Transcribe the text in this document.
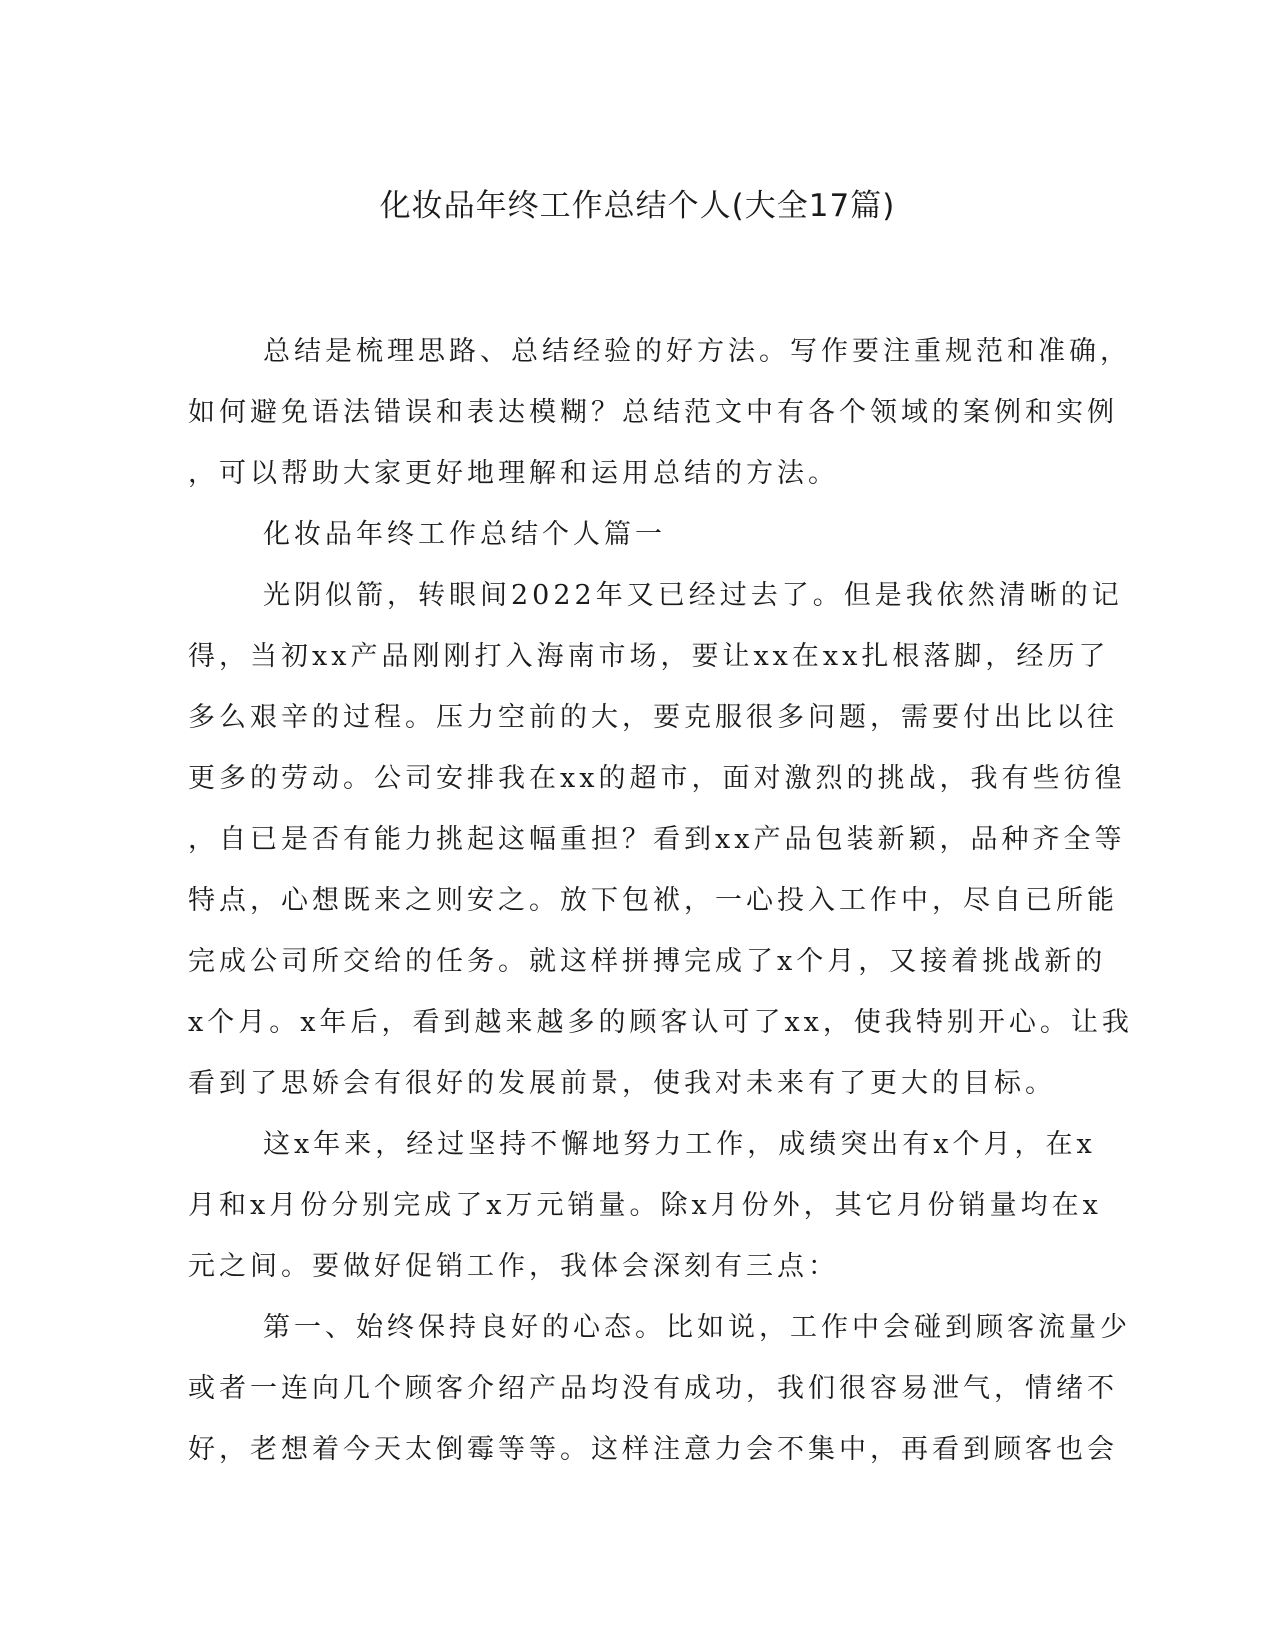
化妆品年终工作总结个人(大全17篇)

总结是梳理思路、总结经验的好方法。写作要注重规范和准确，
如何避免语法错误和表达模糊？总结范文中有各个领域的案例和实例
，可以帮助大家更好地理解和运用总结的方法。

化妆品年终工作总结个人篇一

光阴似箭，转眼间2022年又已经过去了。但是我依然清晰的记
得，当初xx产品刚刚打入海南市场，要让xx在xx扎根落脚，经历了
多么艰辛的过程。压力空前的大，要克服很多问题，需要付出比以往
更多的劳动。公司安排我在xx的超市，面对激烈的挑战，我有些彷徨
，自已是否有能力挑起这幅重担？看到xx产品包装新颖，品种齐全等
特点，心想既来之则安之。放下包袱，一心投入工作中，尽自已所能
完成公司所交给的任务。就这样拼搏完成了x个月，又接着挑战新的
x个月。x年后，看到越来越多的顾客认可了xx，使我特别开心。让我
看到了思娇会有很好的发展前景，使我对未来有了更大的目标。

这x年来，经过坚持不懈地努力工作，成绩突出有x个月，在x
月和x月份分别完成了x万元销量。除x月份外，其它月份销量均在x
元之间。要做好促销工作，我体会深刻有三点：

第一、始终保持良好的心态。比如说，工作中会碰到顾客流量少
或者一连向几个顾客介绍产品均没有成功，我们很容易泄气，情绪不
好，老想着今天太倒霉等等。这样注意力会不集中，再看到顾客也会
